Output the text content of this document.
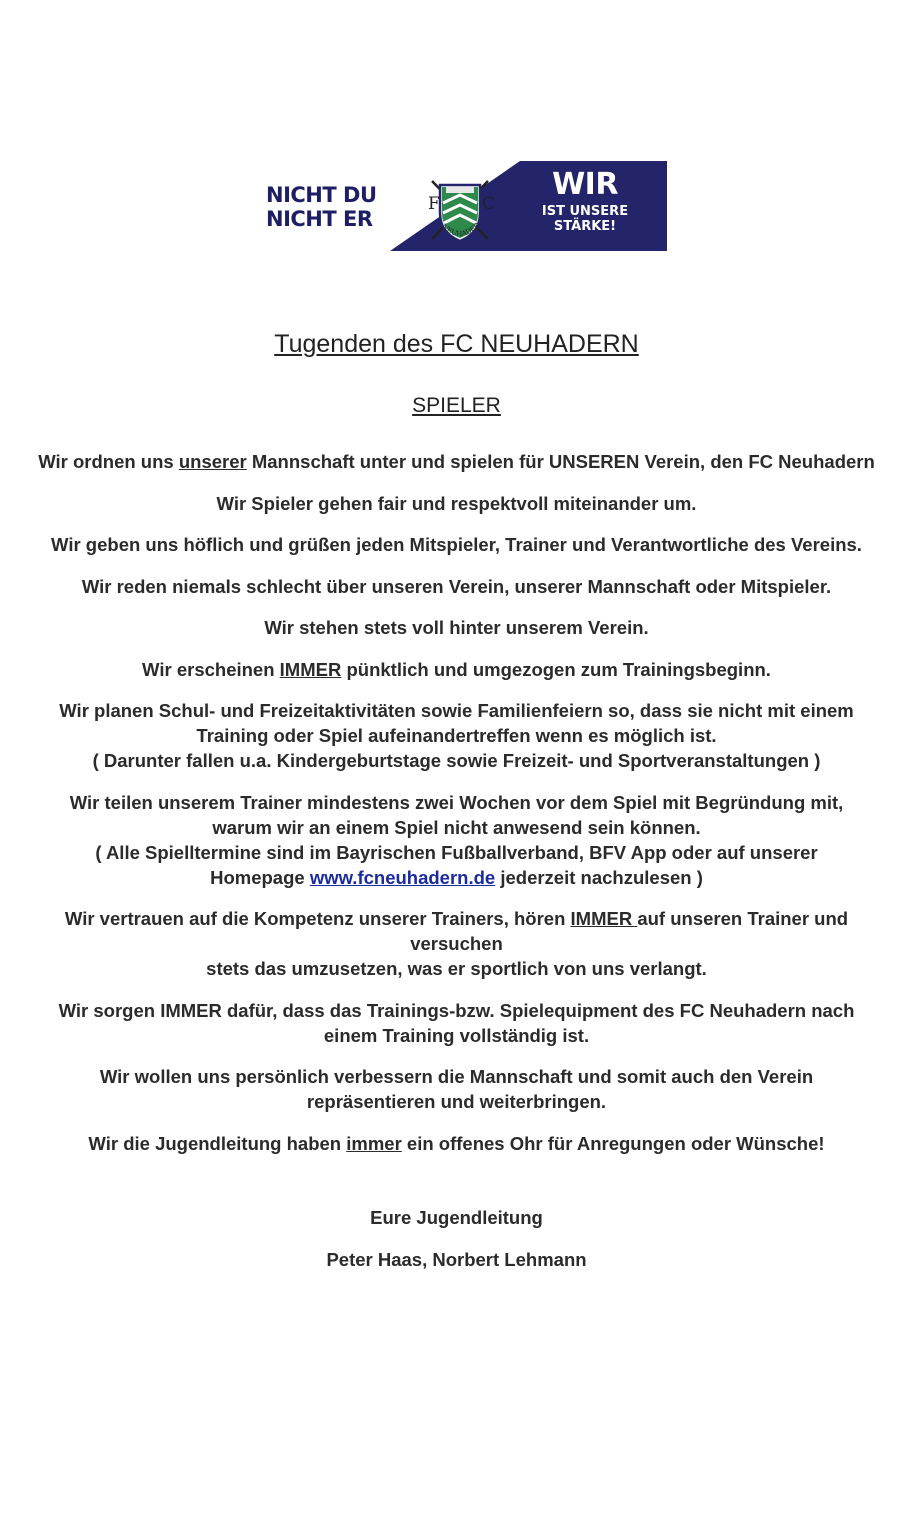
NICHT DU
NICHT ER
F C
NEUHADER
WIR
IST UNSERE
STÄRKE!
Tugenden des FC NEUHADERN
SPIELER

Wir ordnen uns unserer Mannschaft unter und spielen für UNSEREN Verein, den FC Neuhadern

Wir Spieler gehen fair und respektvoll miteinander um.

Wir geben uns höflich und grüßen jeden Mitspieler, Trainer und Verantwortliche des Vereins.

Wir reden niemals schlecht über unseren Verein, unserer Mannschaft oder Mitspieler.

Wir stehen stets voll hinter unserem Verein.

Wir erscheinen IMMER pünktlich und umgezogen zum Trainingsbeginn.

Wir planen Schul- und Freizeitaktivitäten sowie Familienfeiern so, dass sie nicht mit einem
Training oder Spiel aufeinandertreffen wenn es möglich ist.
( Darunter fallen u.a. Kindergeburtstage sowie Freizeit- und Sportveranstaltungen )

Wir teilen unserem Trainer mindestens zwei Wochen vor dem Spiel mit Begründung mit,
warum wir an einem Spiel nicht anwesend sein können.
( Alle Spielltermine sind im Bayrischen Fußballverband, BFV App oder auf unserer
Homepage www.fcneuhadern.de jederzeit nachzulesen )

Wir vertrauen auf die Kompetenz unserer Trainers, hören IMMER auf unseren Trainer und
versuchen
stets das umzusetzen, was er sportlich von uns verlangt.

Wir sorgen IMMER dafür, dass das Trainings-bzw. Spielequipment des FC Neuhadern nach
einem Training vollständig ist.

Wir wollen uns persönlich verbessern die Mannschaft und somit auch den Verein
repräsentieren und weiterbringen.

Wir die Jugendleitung haben immer ein offenes Ohr für Anregungen oder Wünsche!

Eure Jugendleitung
Peter Haas, Norbert Lehmann
